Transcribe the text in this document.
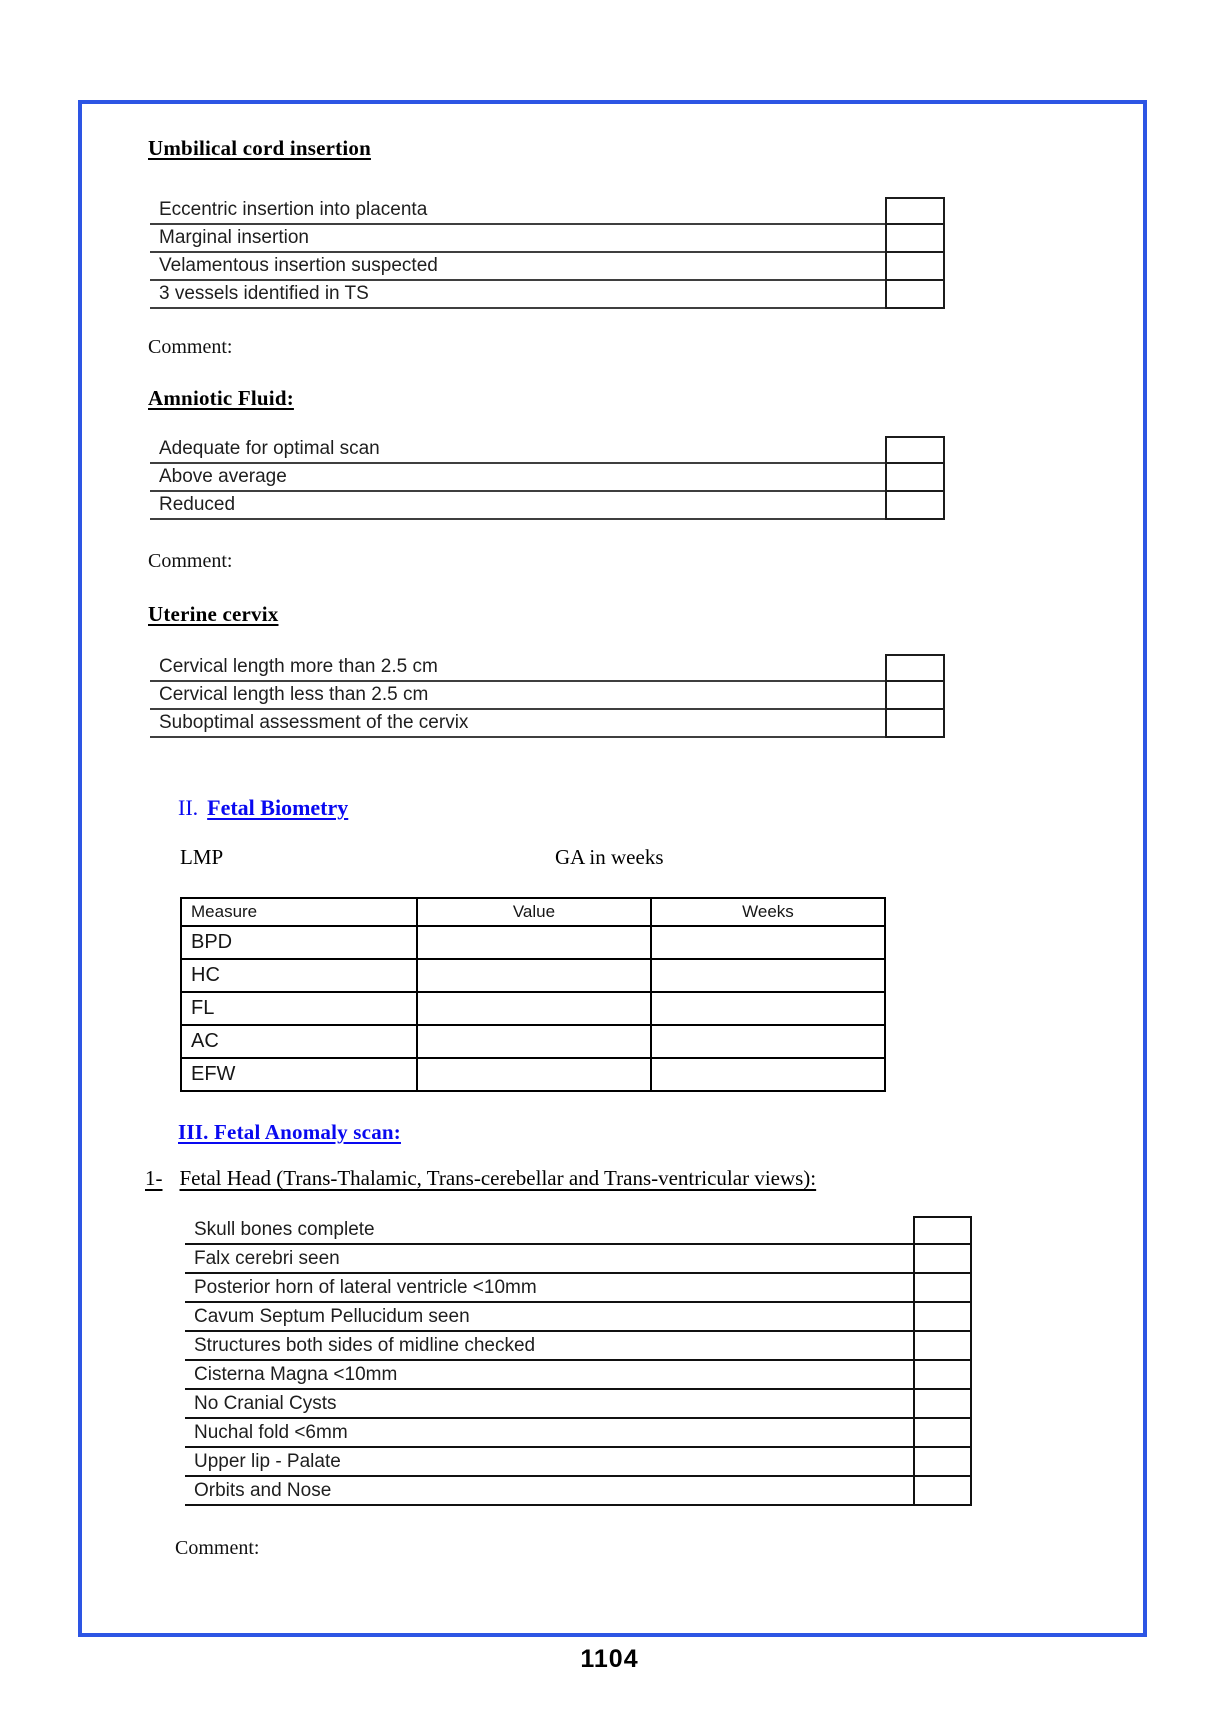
Umbilical cord insertion
Eccentric insertion into placenta
Marginal insertion
Velamentous insertion suspected
3 vessels identified in TS
Comment:
Amniotic Fluid:
Adequate for optimal scan
Above average
Reduced
Comment:
Uterine cervix
Cervical length more than 2.5 cm
Cervical length less than 2.5 cm
Suboptimal assessment of the cervix
II. Fetal Biometry
LMP	GA in weeks
Measure	Value	Weeks
BPD
HC
FL
AC
EFW
III. Fetal Anomaly scan:
1- Fetal Head (Trans-Thalamic, Trans-cerebellar and Trans-ventricular views):
Skull bones complete
Falx cerebri seen
Posterior horn of lateral ventricle <10mm
Cavum Septum Pellucidum seen
Structures both sides of midline checked
Cisterna Magna <10mm
No Cranial Cysts
Nuchal fold <6mm
Upper lip - Palate
Orbits and Nose
Comment:
1104
